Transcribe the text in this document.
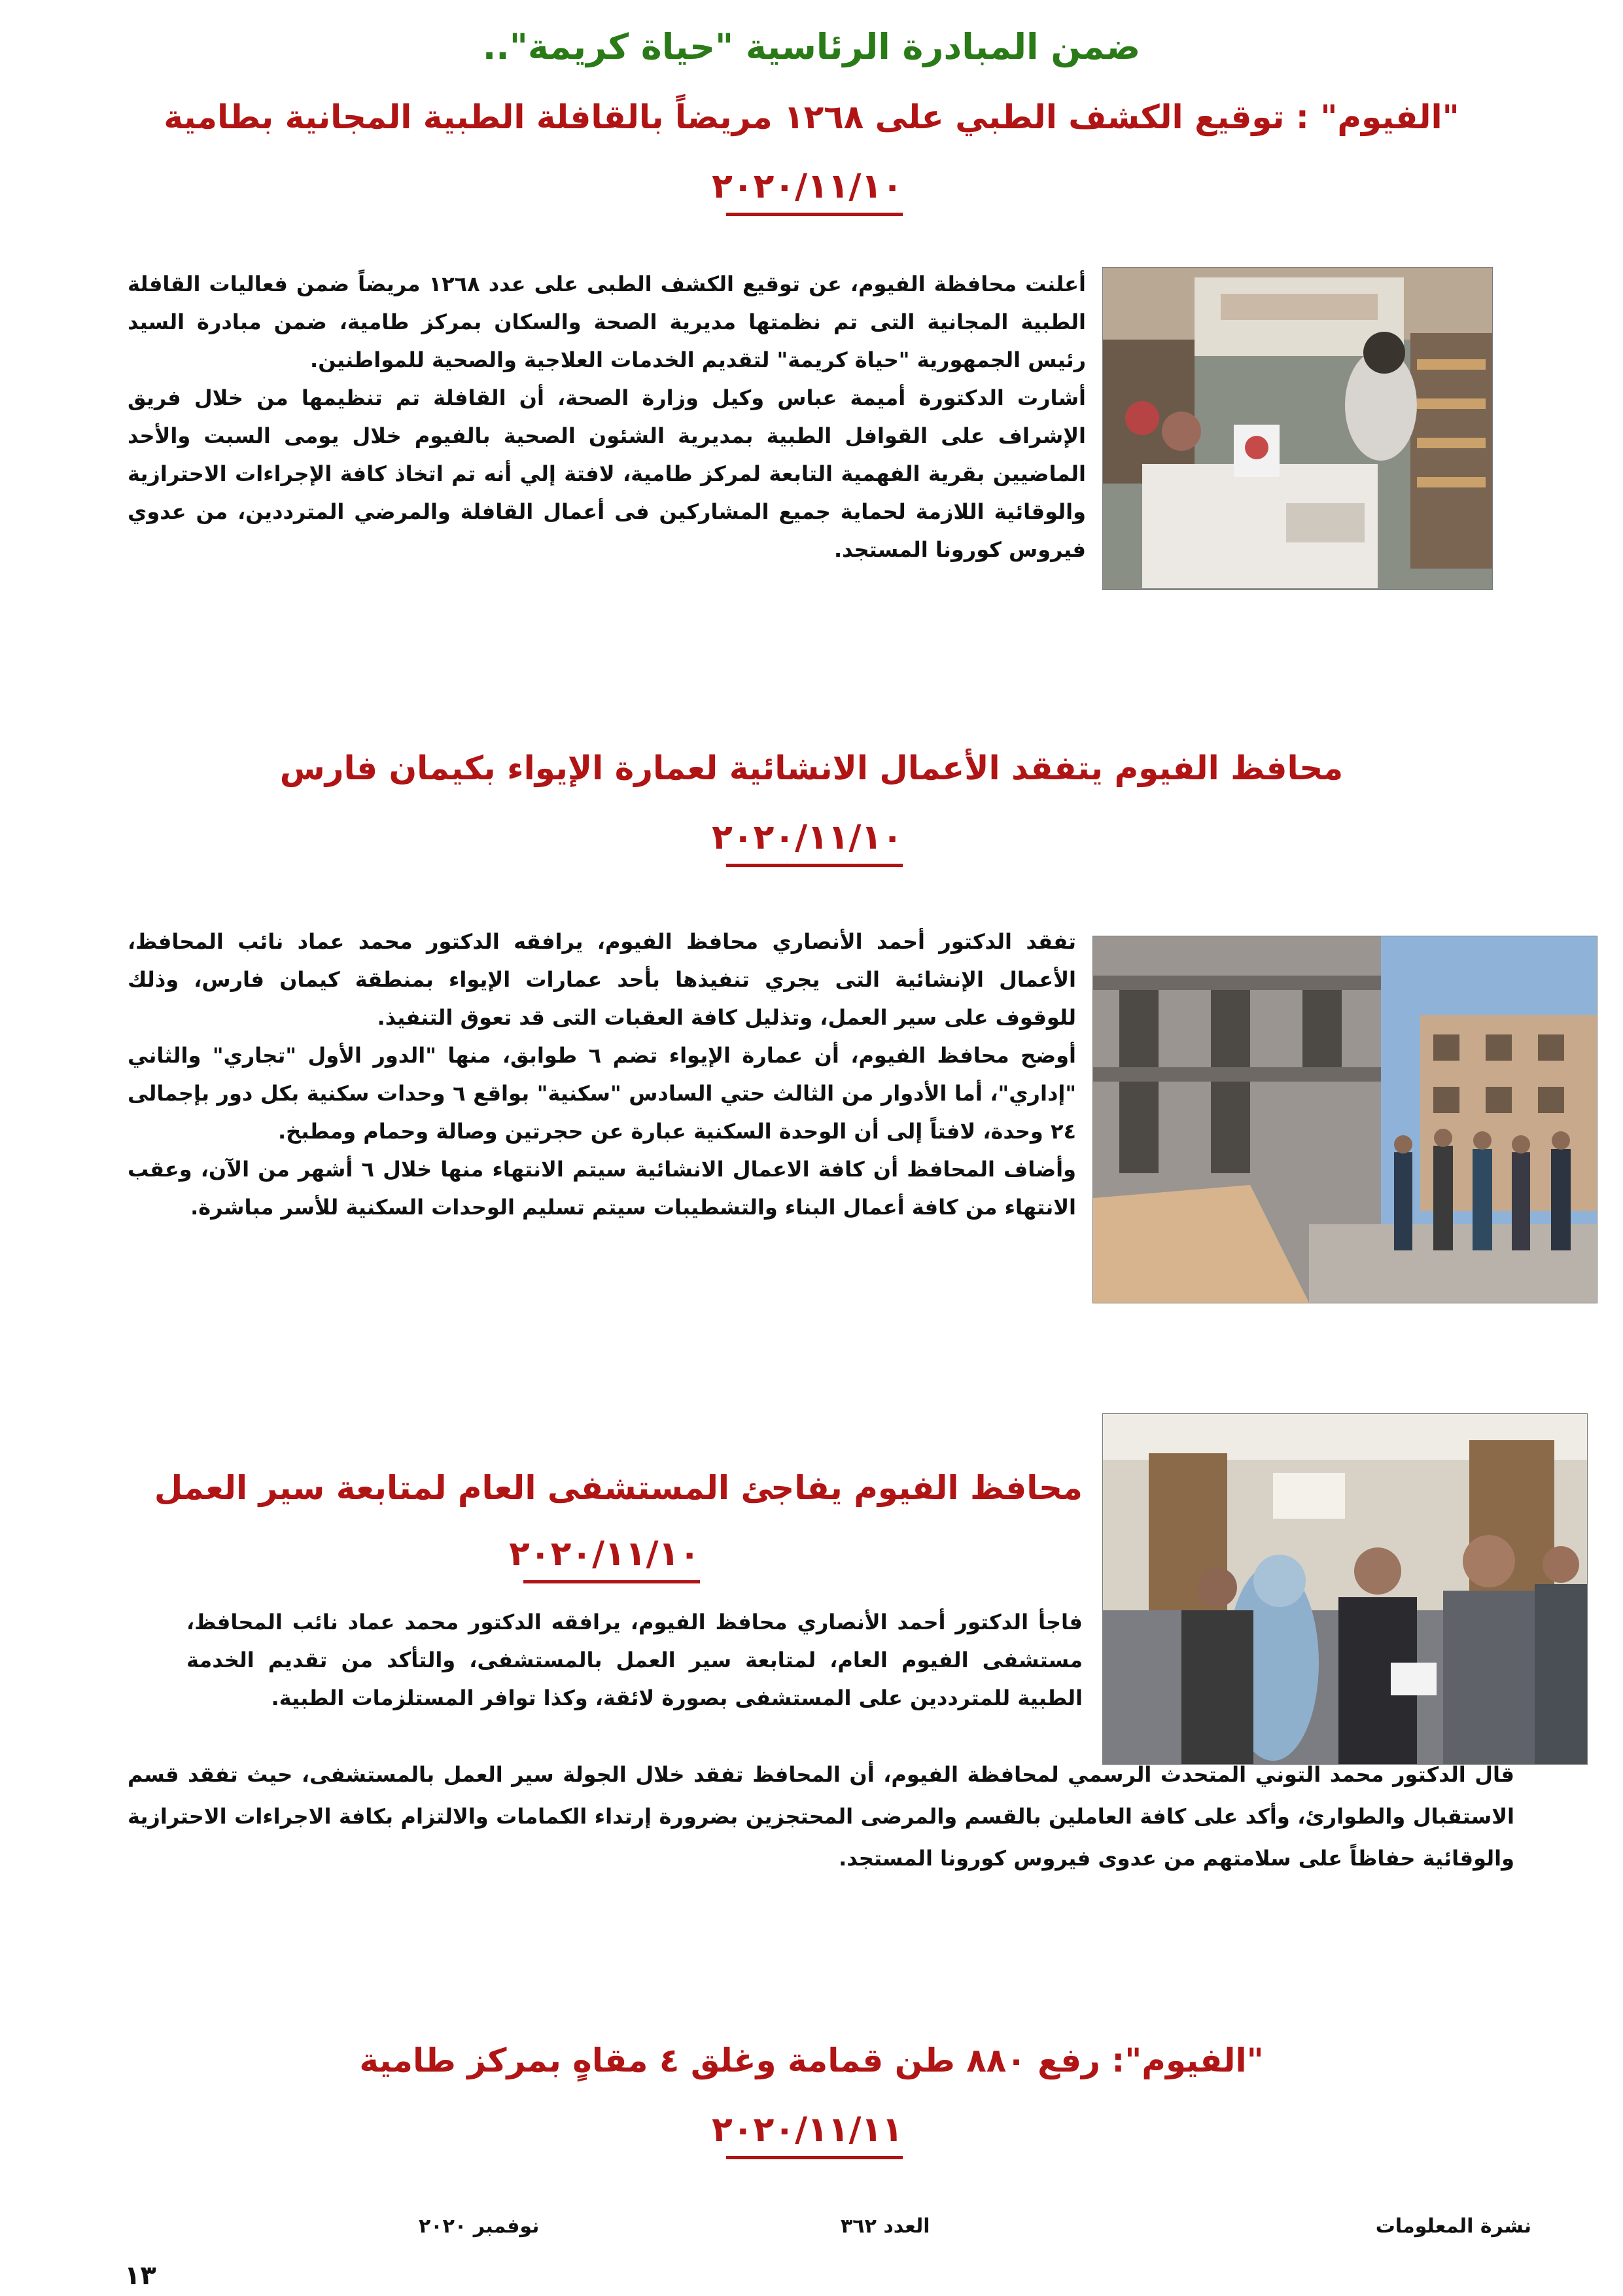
ضمن المبادرة الرئاسية "حياة كريمة"..
"الفيوم" : توقيع الكشف الطبي على ١٢٦٨ مريضاً بالقافلة الطبية المجانية بطامية
٢٠٢٠/١١/١٠

أعلنت محافظة الفيوم، عن توقيع الكشف الطبى على عدد ١٢٦٨ مريضاً ضمن فعاليات القافلة الطبية المجانية التى تم نظمتها مديرية الصحة والسكان بمركز طامية، ضمن مبادرة السيد رئيس الجمهورية "حياة كريمة" لتقديم الخدمات العلاجية والصحية للمواطنين.

أشارت الدكتورة أميمة عباس وكيل وزارة الصحة، أن القافلة تم تنظيمها من خلال فريق الإشراف على القوافل الطبية بمديرية الشئون الصحية بالفيوم خلال يومى السبت والأحد الماضيين بقرية الفهمية التابعة لمركز طامية، لافتة إلي أنه تم اتخاذ كافة الإجراءات الاحترازية والوقائية اللازمة لحماية جميع المشاركين فى أعمال القافلة والمرضي المترددين، من عدوي فيروس كورونا المستجد.

محافظ الفيوم يتفقد الأعمال الانشائية لعمارة الإيواء بكيمان فارس
٢٠٢٠/١١/١٠

تفقد الدكتور أحمد الأنصاري محافظ الفيوم، يرافقه الدكتور محمد عماد نائب المحافظ، الأعمال الإنشائية التى يجري تنفيذها بأحد عمارات الإيواء بمنطقة كيمان فارس، وذلك للوقوف على سير العمل، وتذليل كافة العقبات التى قد تعوق التنفيذ.

أوضح محافظ الفيوم، أن عمارة الإيواء تضم ٦ طوابق، منها "الدور الأول "تجاري" والثاني "إداري"، أما الأدوار من الثالث حتي السادس "سكنية" بواقع ٦ وحدات سكنية بكل دور بإجمالى ٢٤ وحدة، لافتاً إلى أن الوحدة السكنية عبارة عن حجرتين وصالة وحمام ومطبخ.

وأضاف المحافظ أن كافة الاعمال الانشائية سيتم الانتهاء منها خلال ٦ أشهر من الآن، وعقب الانتهاء من كافة أعمال البناء والتشطيبات سيتم تسليم الوحدات السكنية للأسر مباشرة.

محافظ الفيوم يفاجئ المستشفى العام لمتابعة سير العمل
٢٠٢٠/١١/١٠
فاجأ الدكتور أحمد الأنصاري محافظ الفيوم، يرافقه الدكتور محمد عماد نائب المحافظ، مستشفى الفيوم العام، لمتابعة سير العمل بالمستشفى، والتأكد من تقديم الخدمة الطبية للمترددين على المستشفى بصورة لائقة، وكذا توافر المستلزمات الطبية.
قال الدكتور محمد التوني المتحدث الرسمي لمحافظة الفيوم، أن المحافظ تفقد خلال الجولة سير العمل بالمستشفى، حيث تفقد قسم الاستقبال والطوارئ، وأكد على كافة العاملين بالقسم والمرضى المحتجزين بضرورة إرتداء الكمامات والالتزام بكافة الاجراءات الاحترازية والوقائية حفاظاً على سلامتهم من عدوى فيروس كورونا المستجد.
"الفيوم": رفع ٨٨٠ طن قمامة وغلق ٤ مقاهٍ بمركز طامية
٢٠٢٠/١١/١١
نشرة المعلومات
العدد ٣٦٢
نوفمبر ٢٠٢٠
١٣
